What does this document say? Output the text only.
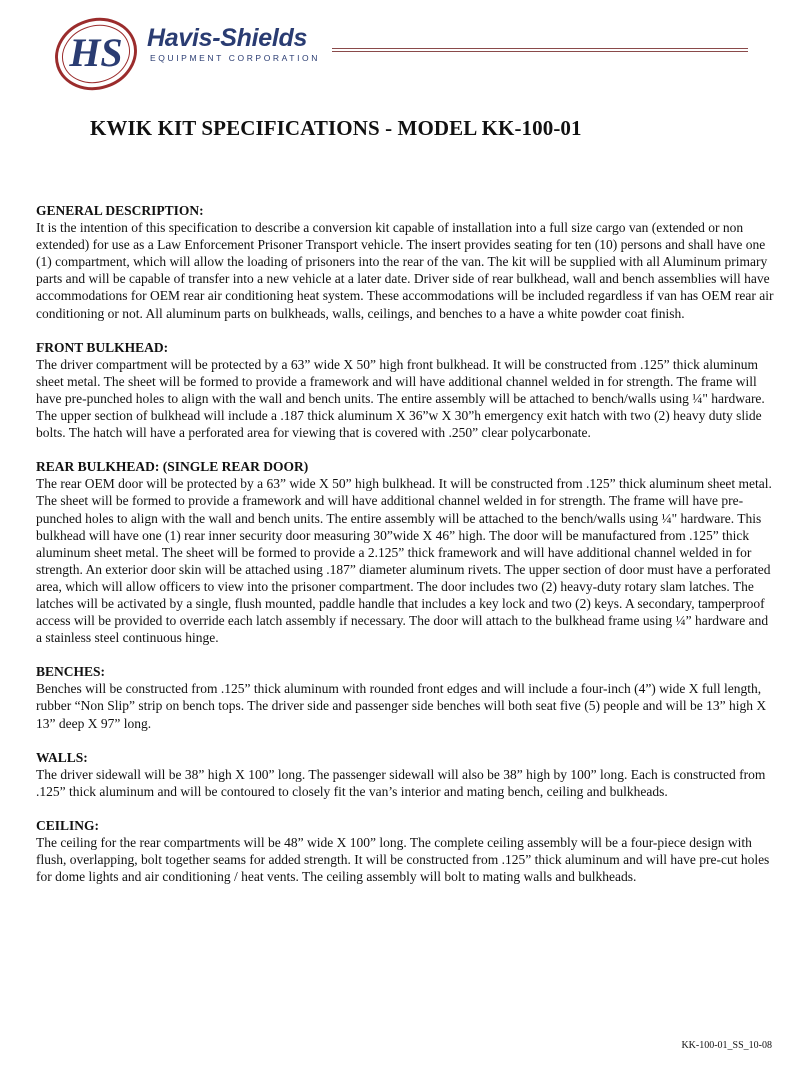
HS Havis-Shields
EQUIPMENT CORPORATION
KWIK KIT SPECIFICATIONS - MODEL KK-100-01
GENERAL DESCRIPTION:

It is the intention of this specification to describe a conversion kit capable of installation into a full size cargo van (extended or non extended) for use as a Law Enforcement Prisoner Transport vehicle. The insert provides seating for ten (10) persons and shall have one (1) compartment, which will allow the loading of prisoners into the rear of the van. The kit will be supplied with all Aluminum primary parts and will be capable of transfer into a new vehicle at a later date. Driver side of rear bulkhead, wall and bench assemblies will have accommodations for OEM rear air conditioning heat system. These accommodations will be included regardless if van has OEM rear air conditioning or not. All aluminum parts on bulkheads, walls, ceilings, and benches to a have a white powder coat finish.

FRONT BULKHEAD:

The driver compartment will be protected by a 63” wide X 50” high front bulkhead. It will be constructed from .125” thick aluminum sheet metal. The sheet will be formed to provide a framework and will have additional channel welded in for strength. The frame will have pre-punched holes to align with the wall and bench units. The entire assembly will be attached to bench/walls using ¼" hardware. The upper section of bulkhead will include a .187 thick aluminum X 36”w X 30”h emergency exit hatch with two (2) heavy duty slide bolts. The hatch will have a perforated area for viewing that is covered with .250” clear polycarbonate.

REAR BULKHEAD: (SINGLE REAR DOOR)

The rear OEM door will be protected by a 63” wide X 50” high bulkhead. It will be constructed from .125” thick aluminum sheet metal. The sheet will be formed to provide a framework and will have additional channel welded in for strength. The frame will have pre-punched holes to align with the wall and bench units. The entire assembly will be attached to the bench/walls using ¼" hardware. This bulkhead will have one (1) rear inner security door measuring 30”wide X 46” high. The door will be manufactured from .125” thick aluminum sheet metal. The sheet will be formed to provide a 2.125” thick framework and will have additional channel welded in for strength. An exterior door skin will be attached using .187” diameter aluminum rivets. The upper section of door must have a perforated area, which will allow officers to view into the prisoner compartment. The door includes two (2) heavy-duty rotary slam latches. The latches will be activated by a single, flush mounted, paddle handle that includes a key lock and two (2) keys. A secondary, tamperproof access will be provided to override each latch assembly if necessary. The door will attach to the bulkhead frame using ¼” hardware and a stainless steel continuous hinge.

BENCHES:

Benches will be constructed from .125” thick aluminum with rounded front edges and will include a four-inch (4”) wide X full length, rubber “Non Slip” strip on bench tops. The driver side and passenger side benches will both seat five (5) people and will be 13” high X 13” deep X 97” long.

WALLS:

The driver sidewall will be 38” high X 100” long. The passenger sidewall will also be 38” high by 100” long. Each is constructed from .125” thick aluminum and will be contoured to closely fit the van’s interior and mating bench, ceiling and bulkheads.

CEILING:

The ceiling for the rear compartments will be 48” wide X 100” long. The complete ceiling assembly will be a four-piece design with flush, overlapping, bolt together seams for added strength. It will be constructed from .125” thick aluminum and will have pre-cut holes for dome lights and air conditioning / heat vents. The ceiling assembly will bolt to mating walls and bulkheads.

KK-100-01_SS_10-08
